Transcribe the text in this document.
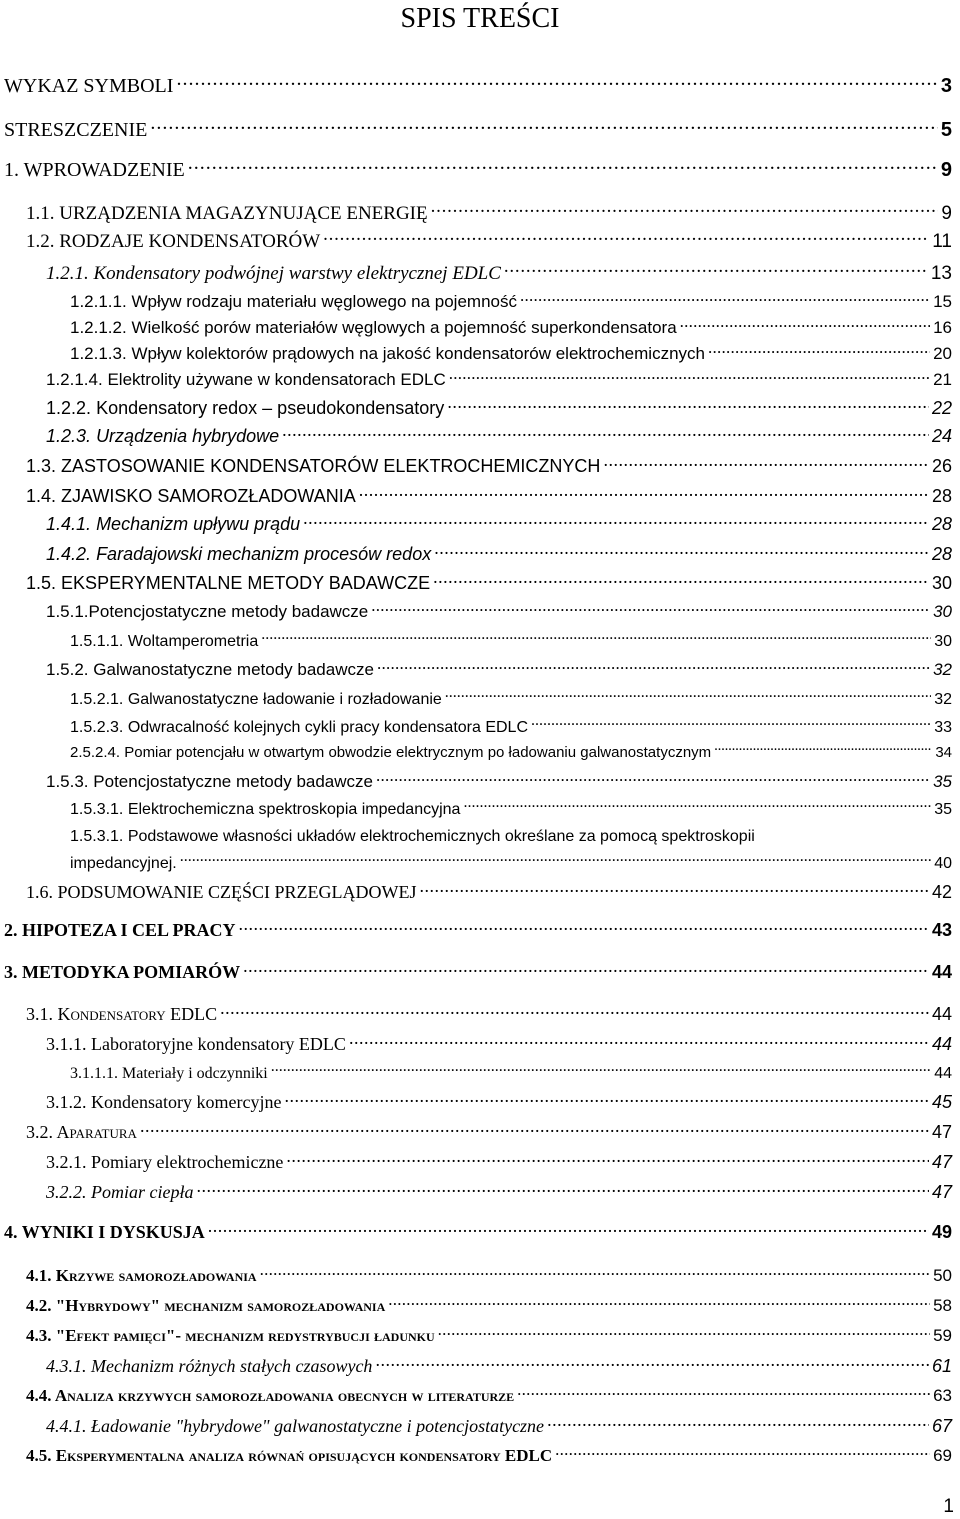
SPIS TREŚCI
WYKAZ SYMBOLI . . .	3
STRESZCZENIE . . .	5
1. WPROWADZENIE . . .	9
1.1. URZĄDZENIA MAGAZYNUJĄCE ENERGIĘ . . .	9
1.2. RODZAJE KONDENSATORÓW . . .	11
1.2.1. Kondensatory podwójnej warstwy elektrycznej EDLC . . .	13
1.2.1.1. Wpływ rodzaju materiału węglowego na pojemność . . .	15
1.2.1.2. Wielkość porów materiałów węglowych a pojemność superkondensatora . . .	16
1.2.1.3. Wpływ kolektorów prądowych na jakość kondensatorów elektrochemicznych . . .	20
1.2.1.4. Elektrolity używane w kondensatorach EDLC . . .	21
1.2.2. Kondensatory redox – pseudokondensatory . . .	22
1.2.3. Urządzenia hybrydowe . . .	24
1.3. ZASTOSOWANIE KONDENSATORÓW ELEKTROCHEMICZNYCH . . .	26
1.4. ZJAWISKO SAMOROZŁADOWANIA . . .	28
1.4.1. Mechanizm upływu prądu . . .	28
1.4.2. Faradajowski mechanizm procesów redox . . .	28
1.5. EKSPERYMENTALNE METODY BADAWCZE . . .	30
1.5.1.Potencjostatyczne metody badawcze . . .	30
1.5.1.1. Woltamperometria . . .	30
1.5.2. Galwanostatyczne metody badawcze . . .	32
1.5.2.1. Galwanostatyczne ładowanie i rozładowanie . . .	32
1.5.2.3. Odwracalność kolejnych cykli pracy kondensatora EDLC . . .	33
2.5.2.4. Pomiar potencjału w otwartym obwodzie elektrycznym po ładowaniu galwanostatycznym . . .	34
1.5.3. Potencjostatyczne metody badawcze . . .	35
1.5.3.1. Elektrochemiczna spektroskopia impedancyjna . . .	35
1.5.3.1. Podstawowe własności układów elektrochemicznych określane za pomocą spektroskopii
impedancyjnej. . . .	40
1.6. PODSUMOWANIE CZĘŚCI PRZEGLĄDOWEJ . . .	42
2. HIPOTEZA I CEL PRACY . . .	43
3. METODYKA POMIARÓW . . .	44
3.1. Kondensatory EDLC . . .	44
3.1.1. Laboratoryjne kondensatory EDLC . . .	44
3.1.1.1. Materiały i odczynniki . . .	44
3.1.2. Kondensatory komercyjne . . .	45
3.2. Aparatura . . .	47
3.2.1. Pomiary elektrochemiczne . . .	47
3.2.2. Pomiar ciepła . . .	47
4. WYNIKI I DYSKUSJA . . .	49
4.1. Krzywe samorozładowania . . .	50
4.2. "Hybrydowy" mechanizm samorozładowania . . .	58
4.3. "Efekt pamięci"- mechanizm redystrybucji ładunku . . .	59
4.3.1. Mechanizm różnych stałych czasowych . . .	61
4.4. Analiza krzywych samorozładowania obecnych w literaturze . . .	63
4.4.1. Ładowanie "hybrydowe" galwanostatyczne i potencjostatyczne . . .	67
4.5. Eksperymentalna analiza równań opisujących kondensatory EDLC . . .	69
1
